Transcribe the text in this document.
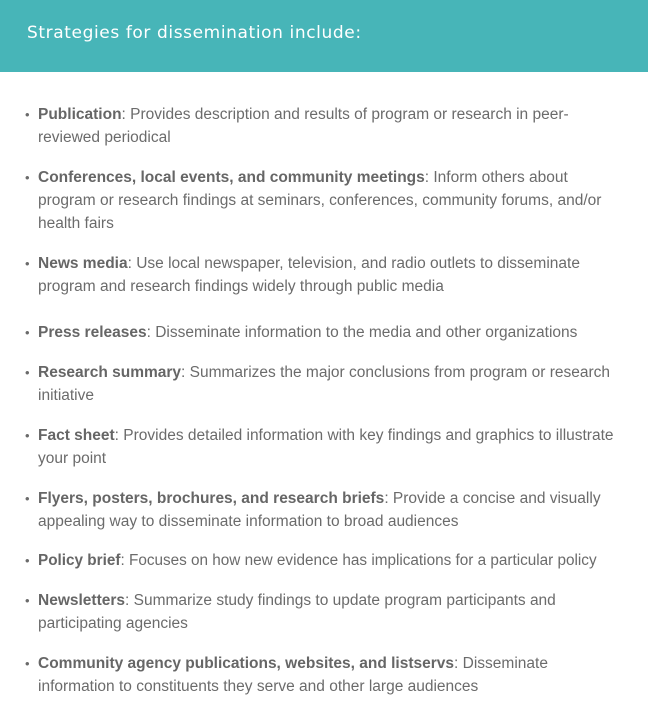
Strategies for dissemination include:
• Publication: Provides description and results of program or research in peer-reviewed periodical
• Conferences, local events, and community meetings: Inform others about program or research findings at seminars, conferences, community forums, and/or health fairs
• News media: Use local newspaper, television, and radio outlets to disseminate program and research findings widely through public media
• Press releases: Disseminate information to the media and other organizations
• Research summary: Summarizes the major conclusions from program or research initiative
• Fact sheet: Provides detailed information with key findings and graphics to illustrate your point
• Flyers, posters, brochures, and research briefs: Provide a concise and visually appealing way to disseminate information to broad audiences
• Policy brief: Focuses on how new evidence has implications for a particular policy
• Newsletters: Summarize study findings to update program participants and participating agencies
• Community agency publications, websites, and listservs: Disseminate information to constituents they serve and other large audiences
